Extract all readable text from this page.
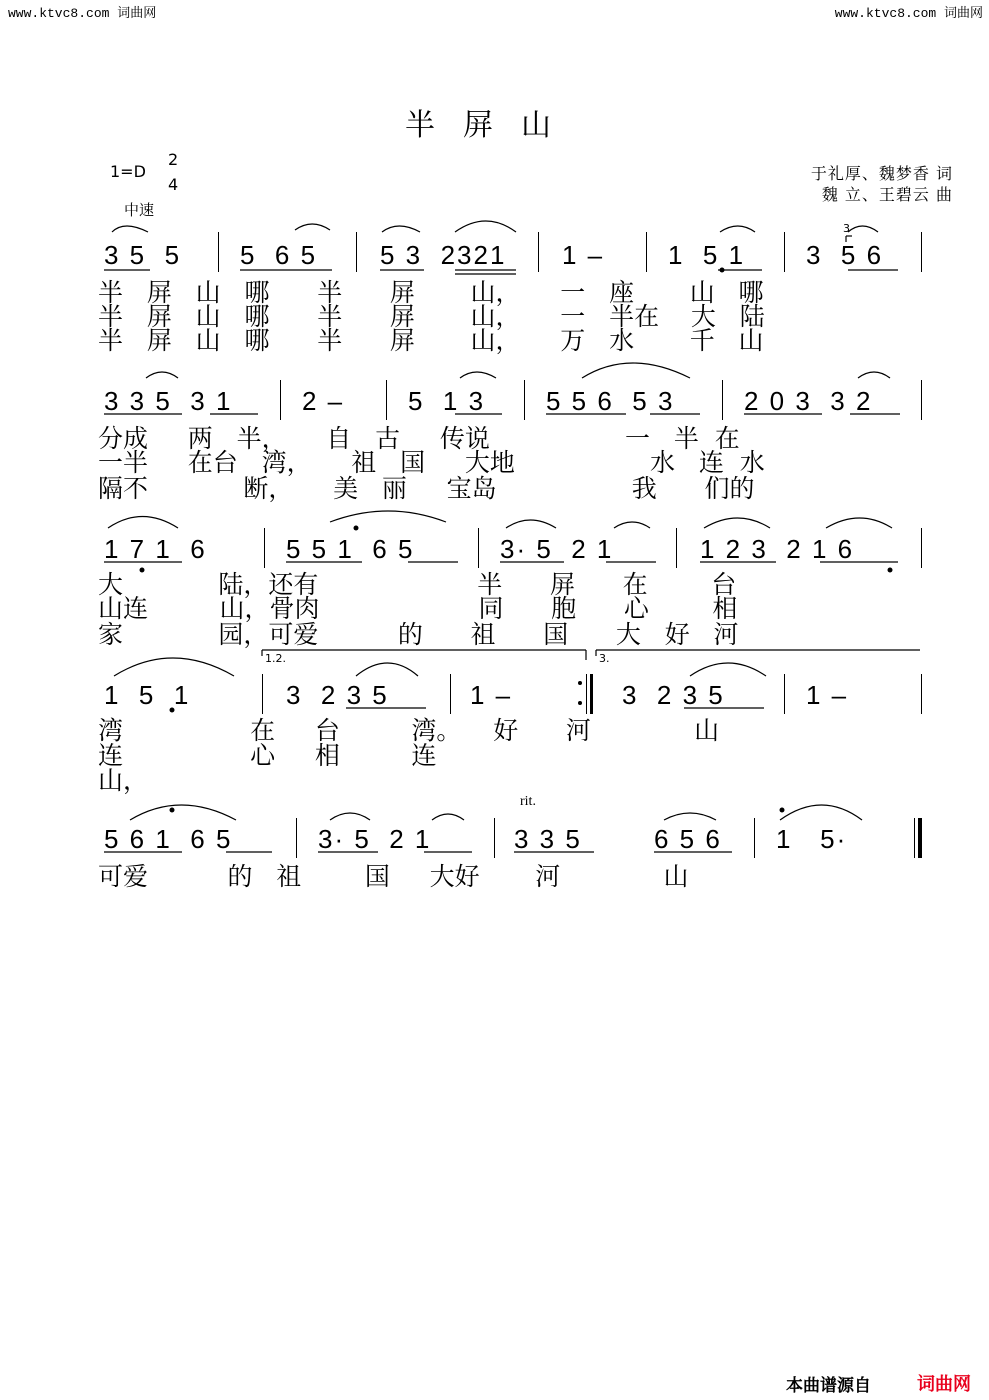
www.ktvc8.com 词曲网	www.ktvc8.com 词曲网
半屏山
1=D
2
4
中速
于礼厚、魏梦香 词
魏 立、王碧云 曲
3
1.2.	3.
rit.
3 5  5 5  6 5 5 3  2321 1 – 1  5 1 3  5 6
半   屏   山   哪      半      屏       山，     一   座       山   哪
半   屏   山   哪      半      屏       山，     一   半在    大   陆
半   屏   山   哪      半      屏       山，     万   水       千   山
3 3 5  3 1	2 – 5  1 3 5 5 6  5 3	2 0 3  3 2
分成     两   半，     自   古     传说                 一   半  在
一半     在台   湾，     祖   国     大地                 水   连  水
隔不            断，     美   丽     宝岛                 我      们的
1 7 1  6	5 5 1  6 5	3· 5  2 1	1 2 3  2 1 6
大            陆，还有                    半      屏      在        台
山连         山，骨肉                    同      胞      心        相
家            园，可爱          的      祖      国      大   好   河
1  5  1	3  2 3 5	1 –	3  2 3 5	1 –
湾                在     台         湾。    好      河             山
连                心     相         连
山，
5 6 1  6 5	3· 5  2 1	3 3 5	6 5 6 1   5·
可爱          的   祖        国     大好       河             山
本曲谱源自	词曲网
